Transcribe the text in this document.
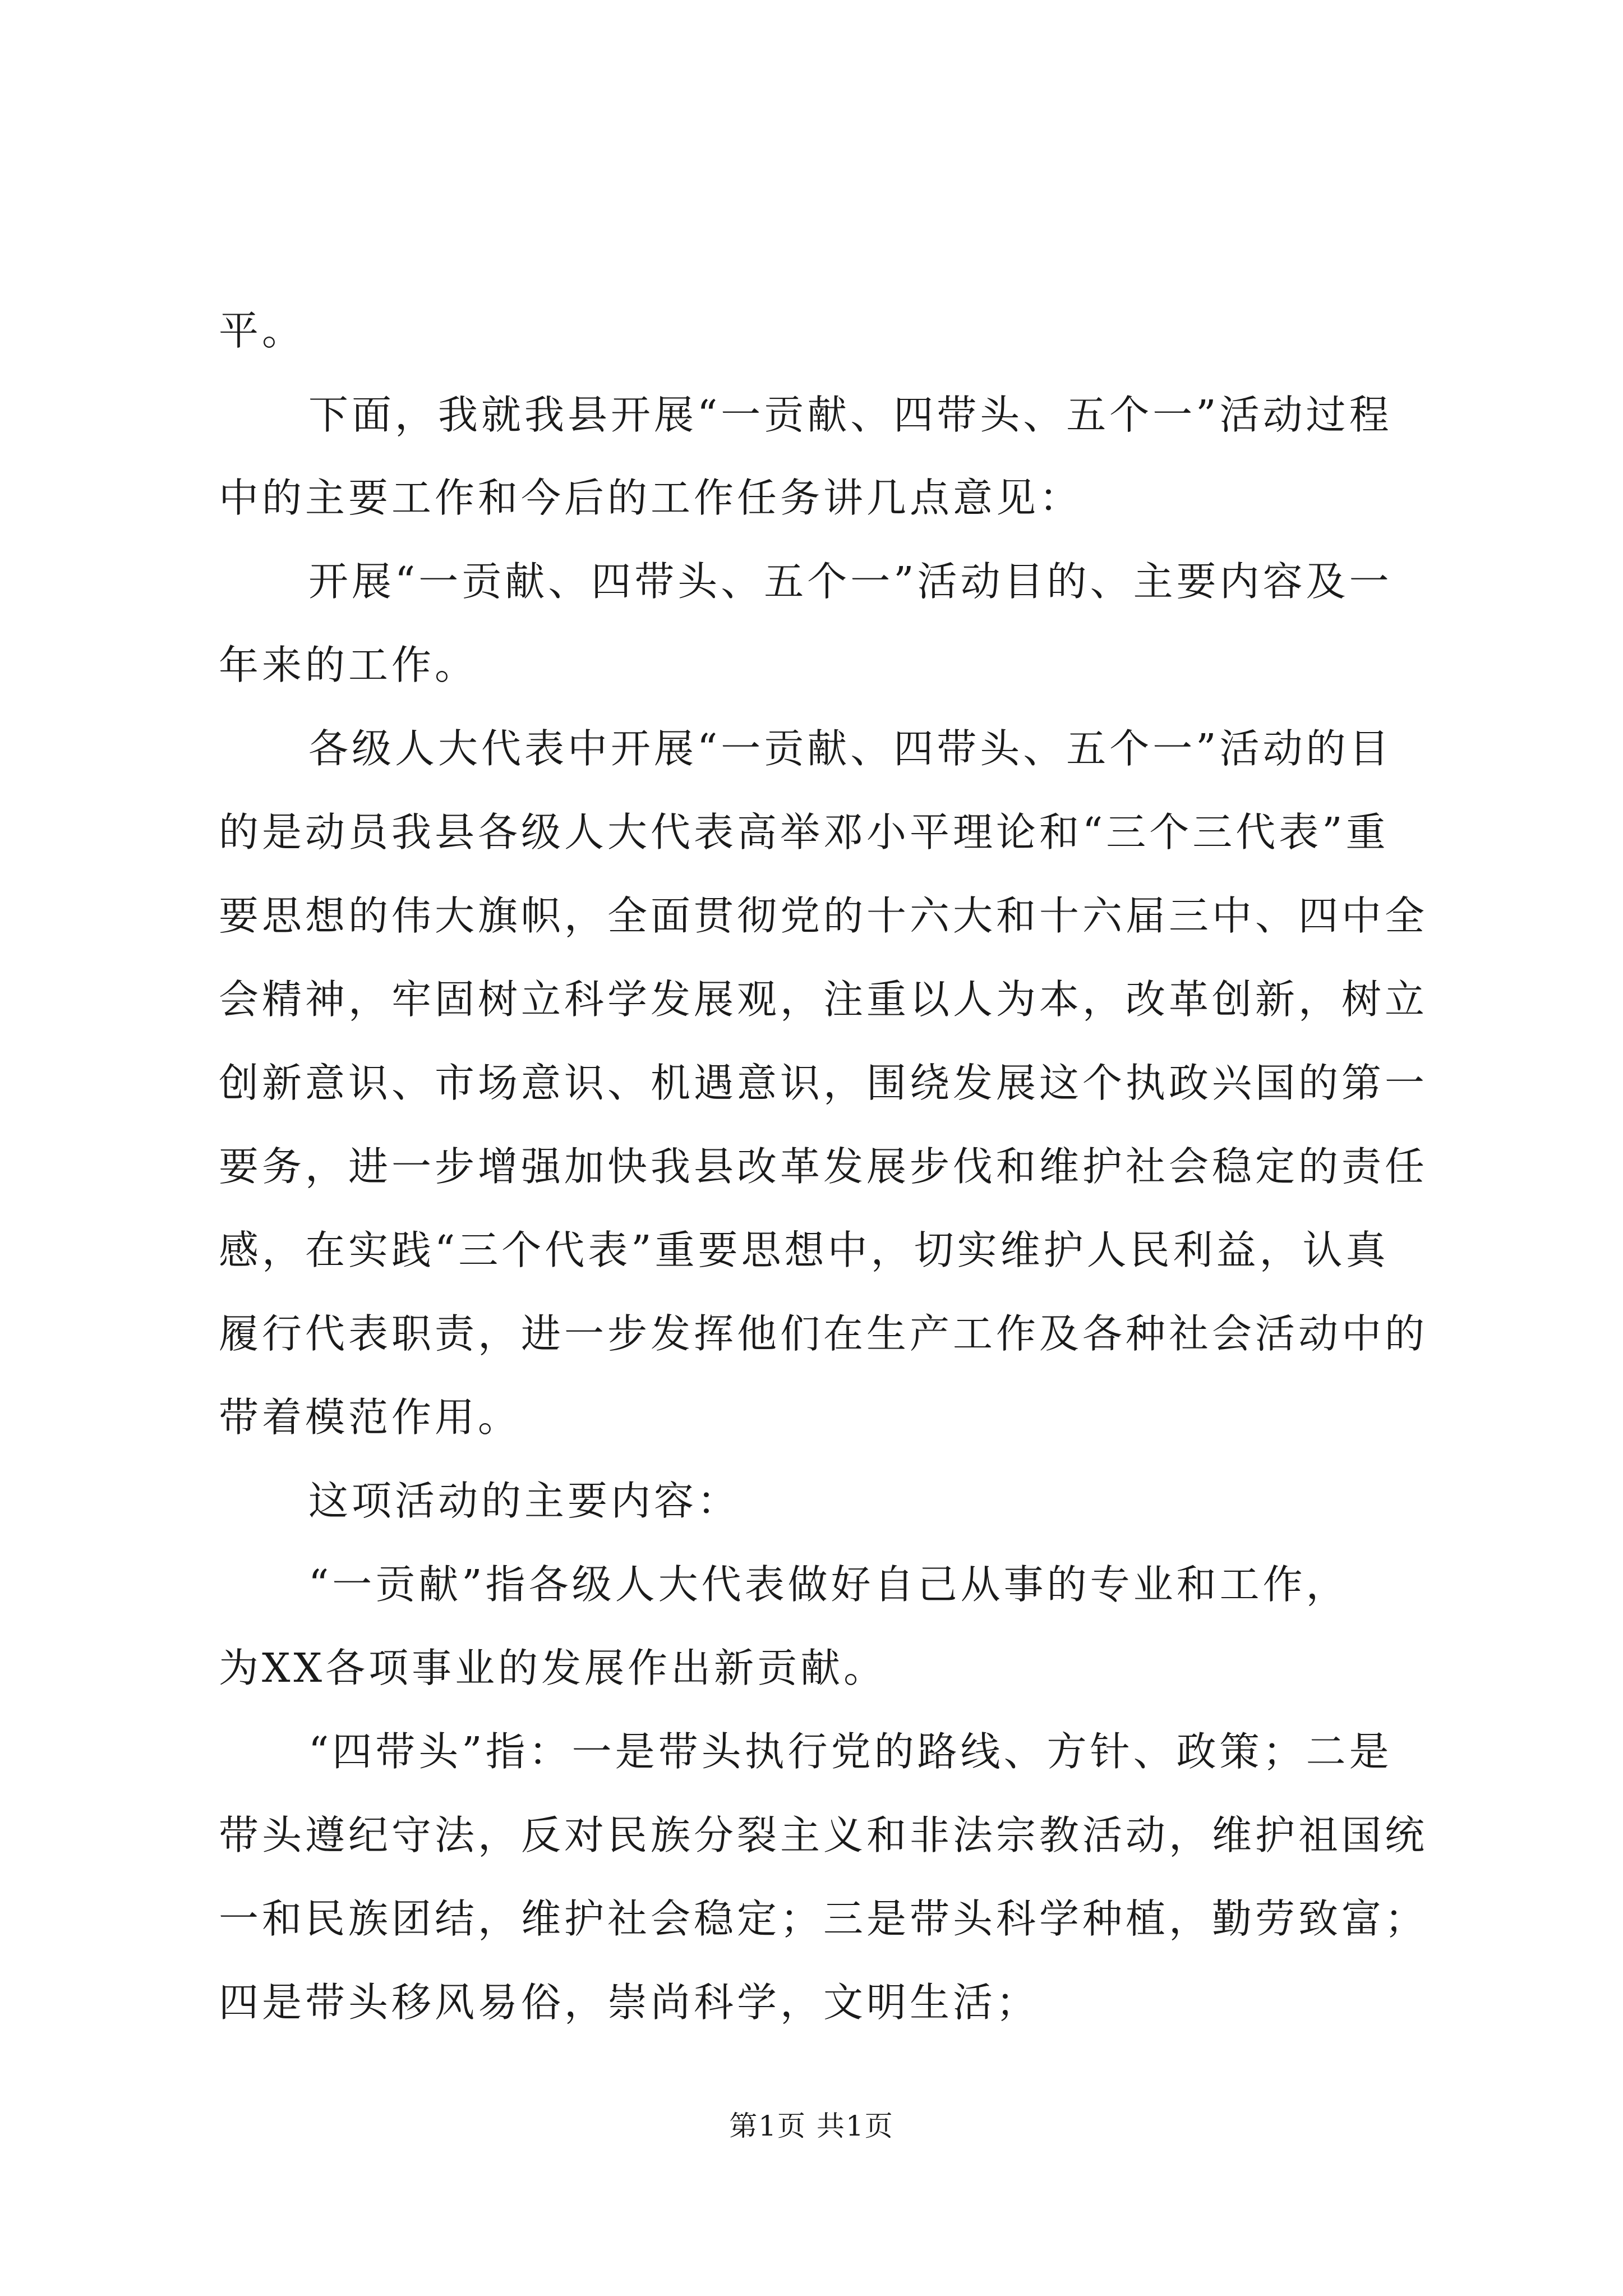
平。
下面，我就我县开展“一贡献、四带头、五个一”活动过程
中的主要工作和今后的工作任务讲几点意见：
开展“一贡献、四带头、五个一”活动目的、主要内容及一
年来的工作。
各级人大代表中开展“一贡献、四带头、五个一”活动的目
的是动员我县各级人大代表高举邓小平理论和“三个三代表”重
要思想的伟大旗帜，全面贯彻党的十六大和十六届三中、四中全
会精神，牢固树立科学发展观，注重以人为本，改革创新，树立
创新意识、市场意识、机遇意识，围绕发展这个执政兴国的第一
要务，进一步增强加快我县改革发展步伐和维护社会稳定的责任
感，在实践“三个代表”重要思想中，切实维护人民利益，认真
履行代表职责，进一步发挥他们在生产工作及各种社会活动中的
带着模范作用。
这项活动的主要内容：
“一贡献”指各级人大代表做好自己从事的专业和工作，
为XX各项事业的发展作出新贡献。
“四带头”指：一是带头执行党的路线、方针、政策；二是
带头遵纪守法，反对民族分裂主义和非法宗教活动，维护祖国统
一和民族团结，维护社会稳定；三是带头科学种植，勤劳致富；
四是带头移风易俗，崇尚科学，文明生活；
第1页 共1页
